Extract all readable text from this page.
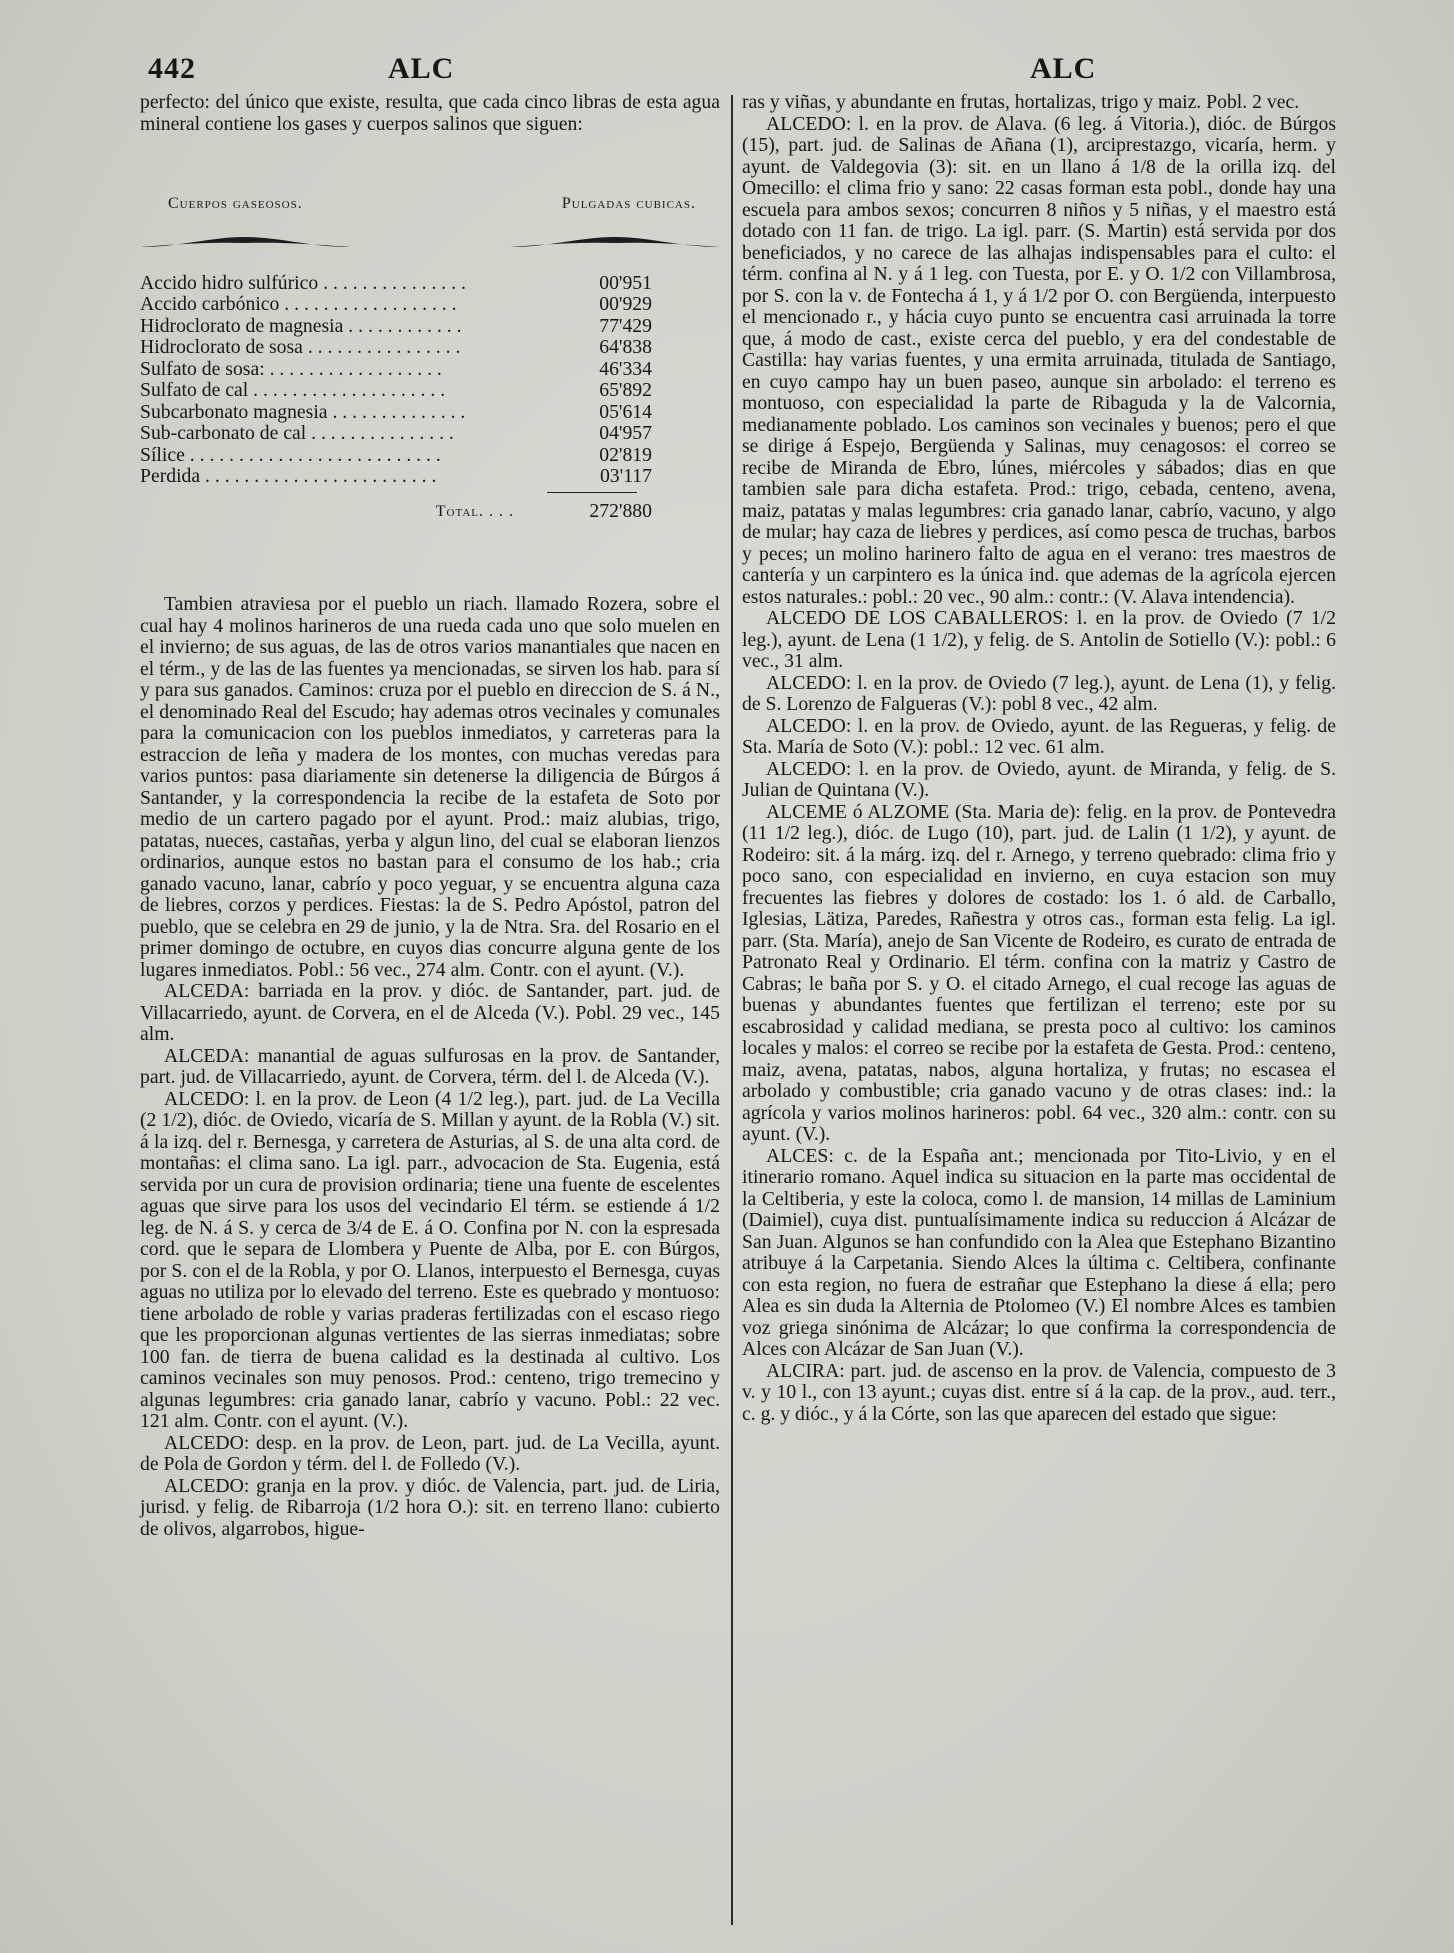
442	ALC	ALC

perfecto: del único que existe, resulta, que cada cinco libras de esta agua mineral contiene los gases y cuerpos salinos que siguen:

Cuerpos gaseosos.	Pulgadas cubicas.
Accido hidro sulfúrico . . . . . . . . . . . . . . .	00'951
Accido carbónico . . . . . . . . . . . . . . . . . .	00'929
Hidroclorato de magnesia . . . . . . . . . . . .	77'429
Hidroclorato de sosa . . . . . . . . . . . . . . . .	64'838
Sulfato de sosa: . . . . . . . . . . . . . . . . . .	46'334
Sulfato de cal . . . . . . . . . . . . . . . . . . . .	65'892
Subcarbonato magnesia . . . . . . . . . . . . . .	05'614
Sub-carbonato de cal . . . . . . . . . . . . . . .	04'957
Sílice . . . . . . . . . . . . . . . . . . . . . . . . . .	02'819
Perdida . . . . . . . . . . . . . . . . . . . . . . . .	03'117
Total. . . .	272'880

Tambien atraviesa por el pueblo un riach. llamado Rozera, sobre el cual hay 4 molinos harineros de una rueda cada uno que solo muelen en el invierno; de sus aguas, de las de otros varios manantiales que nacen en el térm., y de las de las fuentes ya mencionadas, se sirven los hab. para sí y para sus ganados. Caminos: cruza por el pueblo en direccion de S. á N., el denominado Real del Escudo; hay ademas otros vecinales y comunales para la comunicacion con los pueblos inmediatos, y carreteras para la estraccion de leña y madera de los montes, con muchas veredas para varios puntos: pasa diariamente sin detenerse la diligencia de Búrgos á Santander, y la correspondencia la recibe de la estafeta de Soto por medio de un cartero pagado por el ayunt. Prod.: maiz alubias, trigo, patatas, nueces, castañas, yerba y algun lino, del cual se elaboran lienzos ordinarios, aunque estos no bastan para el consumo de los hab.; cria ganado vacuno, lanar, cabrío y poco yeguar, y se encuentra alguna caza de liebres, corzos y perdices. Fiestas: la de S. Pedro Apóstol, patron del pueblo, que se celebra en 29 de junio, y la de Ntra. Sra. del Rosario en el primer domingo de octubre, en cuyos dias concurre alguna gente de los lugares inmediatos. Pobl.: 56 vec., 274 alm. Contr. con el ayunt. (V.).

ALCEDA: barriada en la prov. y dióc. de Santander, part. jud. de Villacarriedo, ayunt. de Corvera, en el de Alceda (V.). Pobl. 29 vec., 145 alm.

ALCEDA: manantial de aguas sulfurosas en la prov. de Santander, part. jud. de Villacarriedo, ayunt. de Corvera, térm. del l. de Alceda (V.).

ALCEDO: l. en la prov. de Leon (4 1/2 leg.), part. jud. de La Vecilla (2 1/2), dióc. de Oviedo, vicaría de S. Millan y ayunt. de la Robla (V.) sit. á la izq. del r. Bernesga, y carretera de Asturias, al S. de una alta cord. de montañas: el clima sano. La igl. parr., advocacion de Sta. Eugenia, está servida por un cura de provision ordinaria; tiene una fuente de escelentes aguas que sirve para los usos del vecindario El térm. se estiende á 1/2 leg. de N. á S. y cerca de 3/4 de E. á O. Confina por N. con la espresada cord. que le separa de Llombera y Puente de Alba, por E. con Búrgos, por S. con el de la Robla, y por O. Llanos, interpuesto el Bernesga, cuyas aguas no utiliza por lo elevado del terreno. Este es quebrado y montuoso: tiene arbolado de roble y varias praderas fertilizadas con el escaso riego que les proporcionan algunas vertientes de las sierras inmediatas; sobre 100 fan. de tierra de buena calidad es la destinada al cultivo. Los caminos vecinales son muy penosos. Prod.: centeno, trigo tremecino y algunas legumbres: cria ganado lanar, cabrío y vacuno. Pobl.: 22 vec. 121 alm. Contr. con el ayunt. (V.).

ALCEDO: desp. en la prov. de Leon, part. jud. de La Vecilla, ayunt. de Pola de Gordon y térm. del l. de Folledo (V.).

ALCEDO: granja en la prov. y dióc. de Valencia, part. jud. de Liria, jurisd. y felig. de Ribarroja (1/2 hora O.): sit. en terreno llano: cubierto de olivos, algarrobos, higue-

ras y viñas, y abundante en frutas, hortalizas, trigo y maiz. Pobl. 2 vec.

ALCEDO: l. en la prov. de Alava. (6 leg. á Vitoria.), dióc. de Búrgos (15), part. jud. de Salinas de Añana (1), arciprestazgo, vicaría, herm. y ayunt. de Valdegovia (3): sit. en un llano á 1/8 de la orilla izq. del Omecillo: el clima frio y sano: 22 casas forman esta pobl., donde hay una escuela para ambos sexos; concurren 8 niños y 5 niñas, y el maestro está dotado con 11 fan. de trigo. La igl. parr. (S. Martin) está servida por dos beneficiados, y no carece de las alhajas indispensables para el culto: el térm. confina al N. y á 1 leg. con Tuesta, por E. y O. 1/2 con Villambrosa, por S. con la v. de Fontecha á 1, y á 1/2 por O. con Bergüenda, interpuesto el mencionado r., y hácia cuyo punto se encuentra casi arruinada la torre que, á modo de cast., existe cerca del pueblo, y era del condestable de Castilla: hay varias fuentes, y una ermita arruinada, titulada de Santiago, en cuyo campo hay un buen paseo, aunque sin arbolado: el terreno es montuoso, con especialidad la parte de Ribaguda y la de Valcornia, medianamente poblado. Los caminos son vecinales y buenos; pero el que se dirige á Espejo, Bergüenda y Salinas, muy cenagosos: el correo se recibe de Miranda de Ebro, lúnes, miércoles y sábados; dias en que tambien sale para dicha estafeta. Prod.: trigo, cebada, centeno, avena, maiz, patatas y malas legumbres: cria ganado lanar, cabrío, vacuno, y algo de mular; hay caza de liebres y perdices, así como pesca de truchas, barbos y peces; un molino harinero falto de agua en el verano: tres maestros de cantería y un carpintero es la única ind. que ademas de la agrícola ejercen estos naturales.: pobl.: 20 vec., 90 alm.: contr.: (V. Alava intendencia).

ALCEDO DE LOS CABALLEROS: l. en la prov. de Oviedo (7 1/2 leg.), ayunt. de Lena (1 1/2), y felig. de S. Antolin de Sotiello (V.): pobl.: 6 vec., 31 alm.

ALCEDO: l. en la prov. de Oviedo (7 leg.), ayunt. de Lena (1), y felig. de S. Lorenzo de Falgueras (V.): pobl 8 vec., 42 alm.

ALCEDO: l. en la prov. de Oviedo, ayunt. de las Regueras, y felig. de Sta. María de Soto (V.): pobl.: 12 vec. 61 alm.

ALCEDO: l. en la prov. de Oviedo, ayunt. de Miranda, y felig. de S. Julian de Quintana (V.).

ALCEME ó ALZOME (Sta. Maria de): felig. en la prov. de Pontevedra (11 1/2 leg.), dióc. de Lugo (10), part. jud. de Lalin (1 1/2), y ayunt. de Rodeiro: sit. á la márg. izq. del r. Arnego, y terreno quebrado: clima frio y poco sano, con especialidad en invierno, en cuya estacion son muy frecuentes las fiebres y dolores de costado: los 1. ó ald. de Carballo, Iglesias, Lätiza, Paredes, Rañestra y otros cas., forman esta felig. La igl. parr. (Sta. María), anejo de San Vicente de Rodeiro, es curato de entrada de Patronato Real y Ordinario. El térm. confina con la matriz y Castro de Cabras; le baña por S. y O. el citado Arnego, el cual recoge las aguas de buenas y abundantes fuentes que fertilizan el terreno; este por su escabrosidad y calidad mediana, se presta poco al cultivo: los caminos locales y malos: el correo se recibe por la estafeta de Gesta. Prod.: centeno, maiz, avena, patatas, nabos, alguna hortaliza, y frutas; no escasea el arbolado y combustible; cria ganado vacuno y de otras clases: ind.: la agrícola y varios molinos harineros: pobl. 64 vec., 320 alm.: contr. con su ayunt. (V.).

ALCES: c. de la España ant.; mencionada por Tito-Livio, y en el itinerario romano. Aquel indica su situacion en la parte mas occidental de la Celtiberia, y este la coloca, como l. de mansion, 14 millas de Laminium (Daimiel), cuya dist. puntualísimamente indica su reduccion á Alcázar de San Juan. Algunos se han confundido con la Alea que Estephano Bizantino atribuye á la Carpetania. Siendo Alces la última c. Celtibera, confinante con esta region, no fuera de estrañar que Estephano la diese á ella; pero Alea es sin duda la Alternia de Ptolomeo (V.) El nombre Alces es tambien voz griega sinónima de Alcázar; lo que confirma la correspondencia de Alces con Alcázar de San Juan (V.).

ALCIRA: part. jud. de ascenso en la prov. de Valencia, compuesto de 3 v. y 10 l., con 13 ayunt.; cuyas dist. entre sí á la cap. de la prov., aud. terr., c. g. y dióc., y á la Córte, son las que aparecen del estado que sigue:
